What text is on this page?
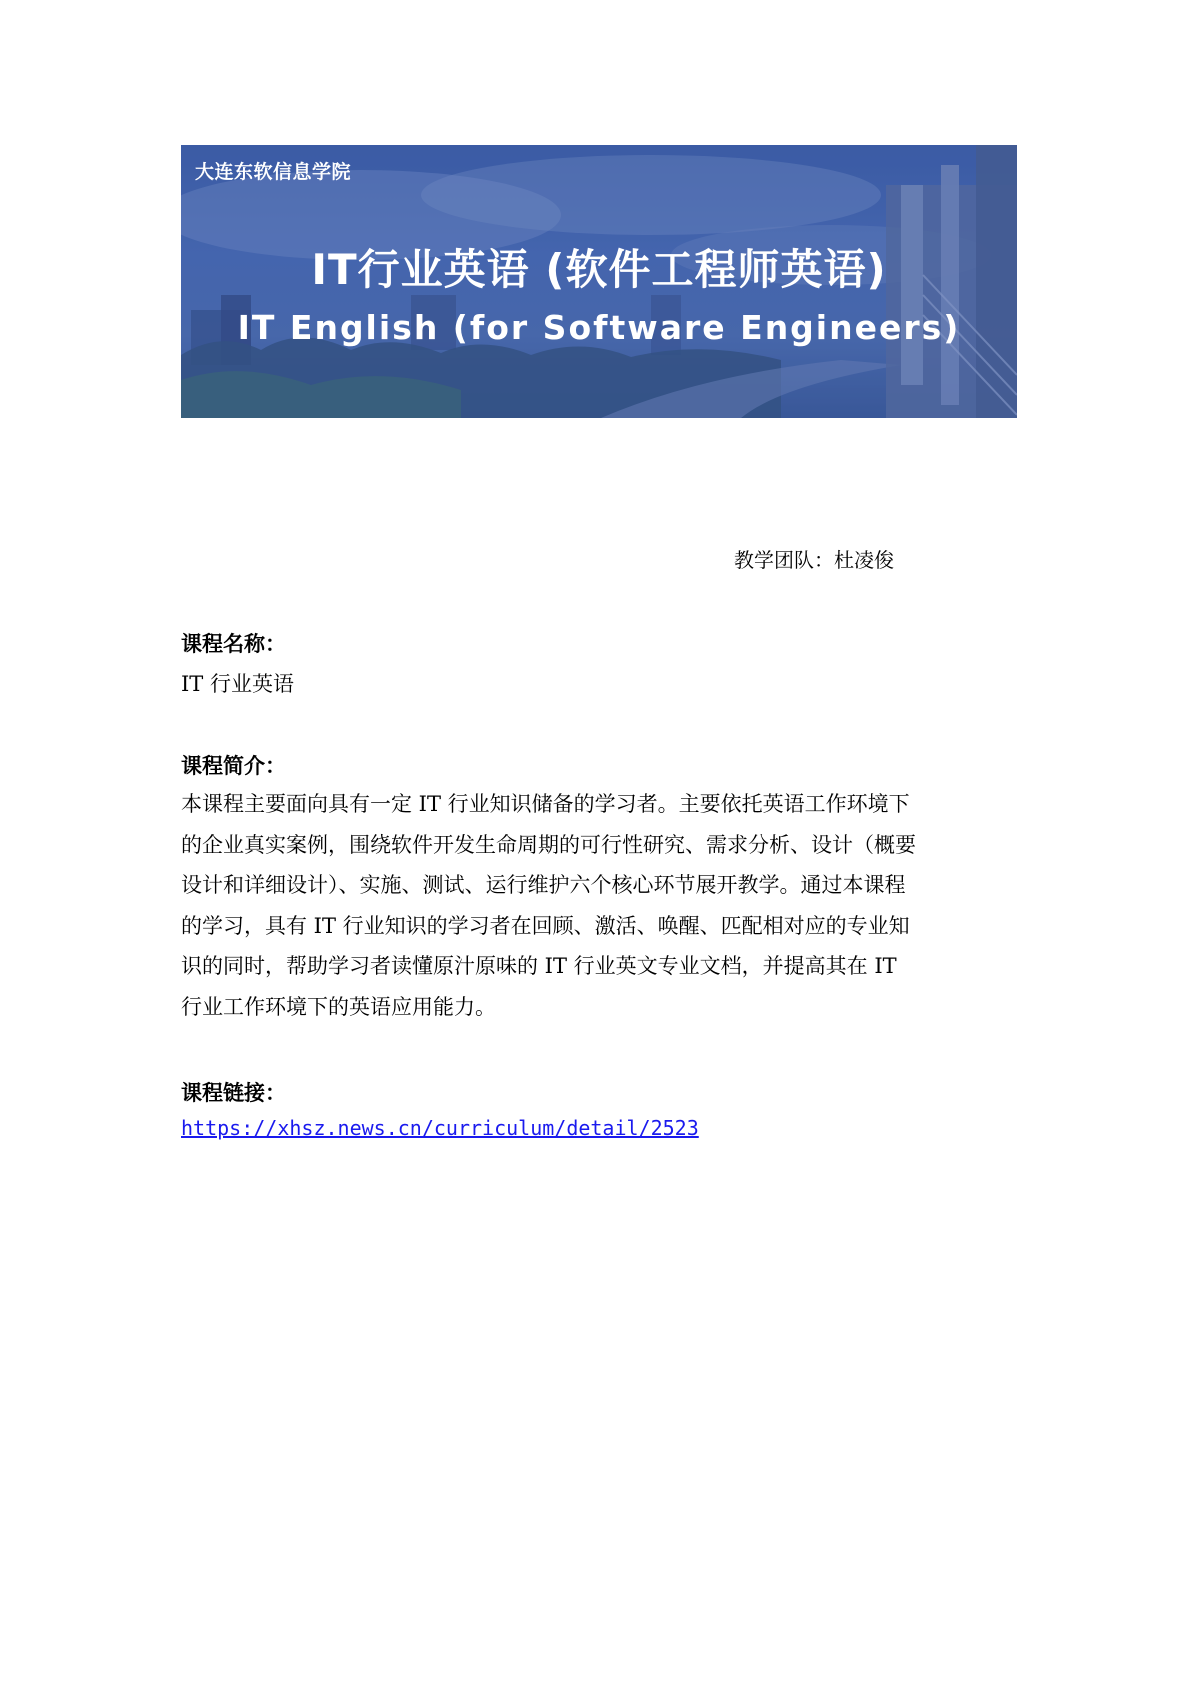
大连东软信息学院
IT行业英语 (软件工程师英语)
IT English (for Software Engineers)
教学团队：杜凌俊
课程名称：
IT 行业英语
课程简介：
本课程主要面向具有一定 IT 行业知识储备的学习者。主要依托英语工作环境下
的企业真实案例，围绕软件开发生命周期的可行性研究、需求分析、设计（概要
设计和详细设计）、实施、测试、运行维护六个核心环节展开教学。通过本课程
的学习，具有 IT 行业知识的学习者在回顾、激活、唤醒、匹配相对应的专业知
识的同时，帮助学习者读懂原汁原味的 IT 行业英文专业文档，并提高其在 IT
行业工作环境下的英语应用能力。
课程链接：
https://xhsz.news.cn/curriculum/detail/2523
